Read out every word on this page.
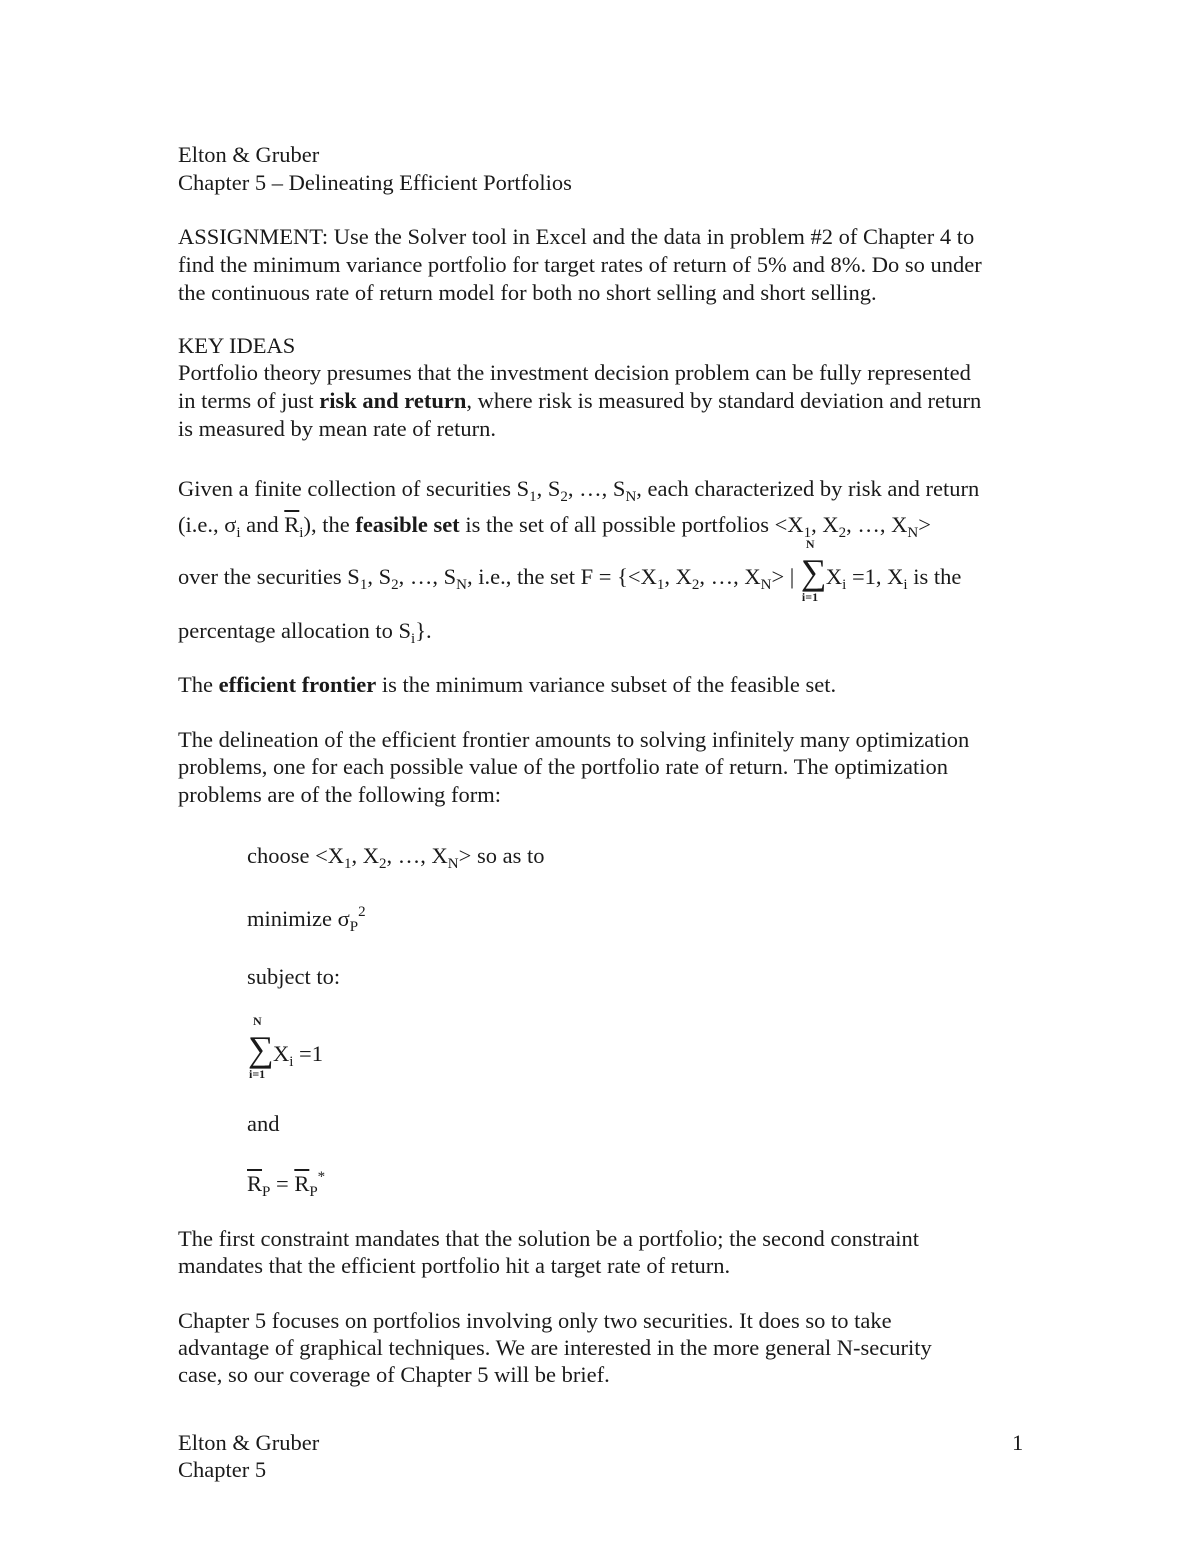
Elton & Gruber
Chapter 5 – Delineating Efficient Portfolios
ASSIGNMENT: Use the Solver tool in Excel and the data in problem #2 of Chapter 4 to
find the minimum variance portfolio for target rates of return of 5% and 8%. Do so under
the continuous rate of return model for both no short selling and short selling.
KEY IDEAS
Portfolio theory presumes that the investment decision problem can be fully represented
in terms of just risk and return, where risk is measured by standard deviation and return
is measured by mean rate of return.
Given a finite collection of securities $S_1$, $S_2$, …, $S_N$, each characterized by risk and return
(i.e., $\sigma_i$ and $\overline{R}_i$), the feasible set is the set of all possible portfolios $<X_1$, $X_2$, …, $X_N>$
over the securities $S_1$, $S_2$, …, $S_N$, i.e., the set $F = \{<X_1$, $X_2$, …, $X_N>$ |
N
∑
i=1
$X_i =1$, $X_i$ is the
percentage allocation to $S_i$}.
The efficient frontier is the minimum variance subset of the feasible set.
The delineation of the efficient frontier amounts to solving infinitely many optimization
problems, one for each possible value of the portfolio rate of return. The optimization
problems are of the following form:
choose $<X_1$, $X_2$, …, $X_N>$ so as to
minimize $\sigma_P^2$
subject to:
N
∑
i=1
$X_i =1$
and
$\overline{R}_P = \overline{R}_P^*$
The first constraint mandates that the solution be a portfolio; the second constraint
mandates that the efficient portfolio hit a target rate of return.
Chapter 5 focuses on portfolios involving only two securities. It does so to take
advantage of graphical techniques. We are interested in the more general N-security
case, so our coverage of Chapter 5 will be brief.
Elton & Gruber
Chapter 5
1
